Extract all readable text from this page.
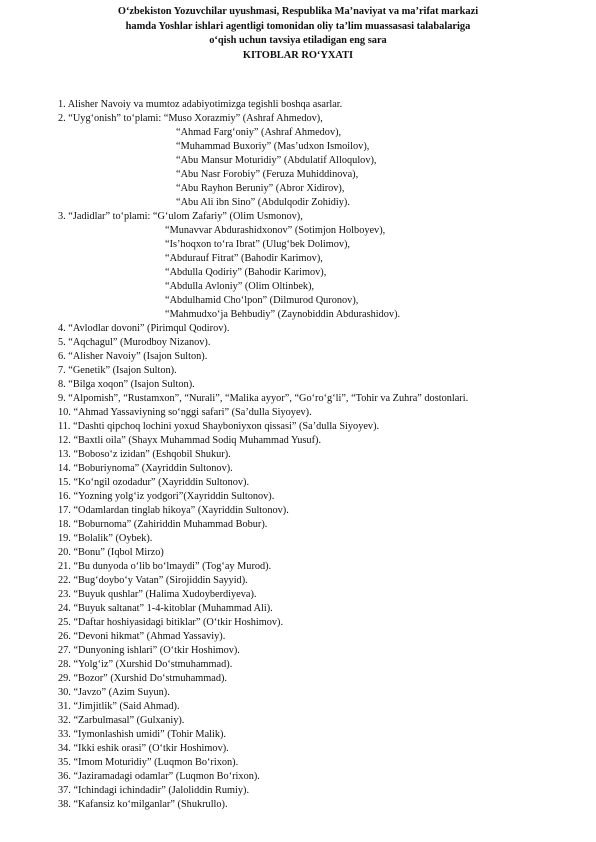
O‘zbekiston Yozuvchilar uyushmasi, Respublika Ma’naviyat va ma’rifat markazi
hamda Yoshlar ishlari agentligi tomonidan oliy ta’lim muassasasi talabalariga
o‘qish uchun tavsiya etiladigan eng sara
KITOBLAR RO‘YXATI
1. Alisher Navoiy va mumtoz adabiyotimizga tegishli boshqa asarlar.
2. “Uyg‘onish” to‘plami: “Muso Xorazmiy” (Ashraf Ahmedov),
“Ahmad Farg‘oniy” (Ashraf Ahmedov),
“Muhammad Buxoriy” (Mas’udxon Ismoilov),
“Abu Mansur Moturidiy” (Abdulatif Alloqulov),
“Abu Nasr Forobiy” (Feruza Muhiddinova),
“Abu Rayhon Beruniy” (Abror Xidirov),
“Abu Ali ibn Sino” (Abdulqodir Zohidiy).
3. “Jadidlar” to‘plami: “G‘ulom Zafariy” (Olim Usmonov),
“Munavvar Abdurashidxonov” (Sotimjon Holboyev),
“Is’hoqxon to‘ra Ibrat” (Ulug‘bek Dolimov),
“Abdurauf Fitrat” (Bahodir Karimov),
“Abdulla Qodiriy” (Bahodir Karimov),
“Abdulla Avloniy” (Olim Oltinbek),
“Abdulhamid Cho‘lpon” (Dilmurod Quronov),
“Mahmudxo‘ja Behbudiy” (Zaynobiddin Abdurashidov).
4. “Avlodlar dovoni” (Pirimqul Qodirov).
5. “Aqchagul” (Murodboy Nizanov).
6. “Alisher Navoiy” (Isajon Sulton).
7. “Genetik” (Isajon Sulton).
8. “Bilga xoqon” (Isajon Sulton).
9. “Alpomish”, “Rustamxon”, “Nurali”, “Malika ayyor”, “Go‘ro‘g‘li”, “Tohir va Zuhra” dostonlari.
10. “Ahmad Yassaviyning so‘nggi safari” (Sa’dulla Siyoyev).
11. “Dashti qipchoq lochini yoxud Shayboniyxon qissasi” (Sa’dulla Siyoyev).
12. “Baxtli oila” (Shayx Muhammad Sodiq Muhammad Yusuf).
13. “Boboso‘z izidan” (Eshqobil Shukur).
14. “Boburiynoma” (Xayriddin Sultonov).
15. “Ko‘ngil ozodadur” (Xayriddin Sultonov).
16. “Yozning yolg‘iz yodgori”(Xayriddin Sultonov).
17. “Odamlardan tinglab hikoya” (Xayriddin Sultonov).
18. “Boburnoma” (Zahiriddin Muhammad Bobur).
19. “Bolalik” (Oybek).
20. “Bonu” (Iqbol Mirzo)
21. “Bu dunyoda o‘lib bo‘lmaydi” (Tog‘ay Murod).
22. “Bug‘doybo‘y Vatan” (Sirojiddin Sayyid).
23. “Buyuk qushlar” (Halima Xudoyberdiyeva).
24. “Buyuk saltanat” 1-4-kitoblar (Muhammad Ali).
25. “Daftar hoshiyasidagi bitiklar” (O‘tkir Hoshimov).
26. “Devoni hikmat” (Ahmad Yassaviy).
27. “Dunyoning ishlari” (O‘tkir Hoshimov).
28. “Yolg‘iz” (Xurshid Do‘stmuhammad).
29. “Bozor” (Xurshid Do‘stmuhammad).
30. “Javzo” (Azim Suyun).
31. “Jimjitlik” (Said Ahmad).
32. “Zarbulmasal” (Gulxaniy).
33. “Iymonlashish umidi” (Tohir Malik).
34. “Ikki eshik orasi” (O‘tkir Hoshimov).
35. “Imom Moturidiy” (Luqmon Bo‘rixon).
36. “Jaziramadagi odamlar” (Luqmon Bo‘rixon).
37. “Ichindagi ichindadir” (Jaloliddin Rumiy).
38. “Kafansiz ko‘milganlar” (Shukrullo).
